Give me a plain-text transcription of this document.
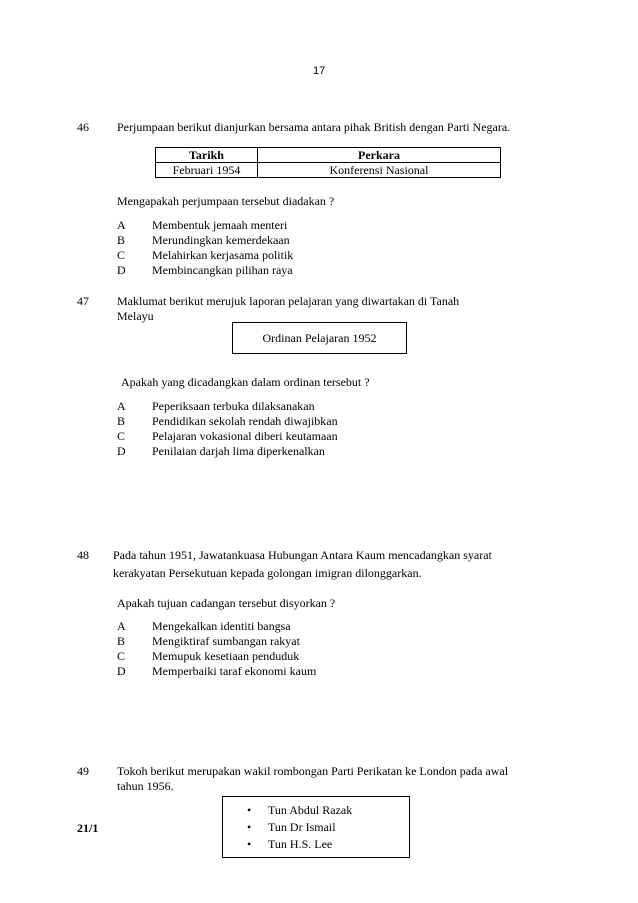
17
46 Perjumpaan berikut dianjurkan bersama antara pihak British dengan Parti Negara.
Tarikh	Perkara
Februari 1954	Konferensi Nasional
Mengapakah perjumpaan tersebut diadakan ?
A Membentuk jemaah menteri
B Merundingkan kemerdekaan
C Melahirkan kerjasama politik
D Membincangkan pilihan raya
47 Maklumat berikut merujuk laporan pelajaran yang diwartakan di Tanah
Melayu
Ordinan Pelajaran 1952
Apakah yang dicadangkan dalam ordinan tersebut ?
A Peperiksaan terbuka dilaksanakan
B Pendidikan sekolah rendah diwajibkan
C Pelajaran vokasional diberi keutamaan
D Penilaian darjah lima diperkenalkan
48 Pada tahun 1951, Jawatankuasa Hubungan Antara Kaum mencadangkan syarat
kerakyatan Persekutuan kepada golongan imigran dilonggarkan.
Apakah tujuan cadangan tersebut disyorkan ?
A Mengekalkan identiti bangsa
B Mengiktiraf sumbangan rakyat
C Memupuk kesetiaan penduduk
D Memperbaiki taraf ekonomi kaum
49 Tokoh berikut merupakan wakil rombongan Parti Perikatan ke London pada awal
tahun 1956.
• Tun Abdul Razak
• Tun Dr Ismail
• Tun H.S. Lee
21/1
